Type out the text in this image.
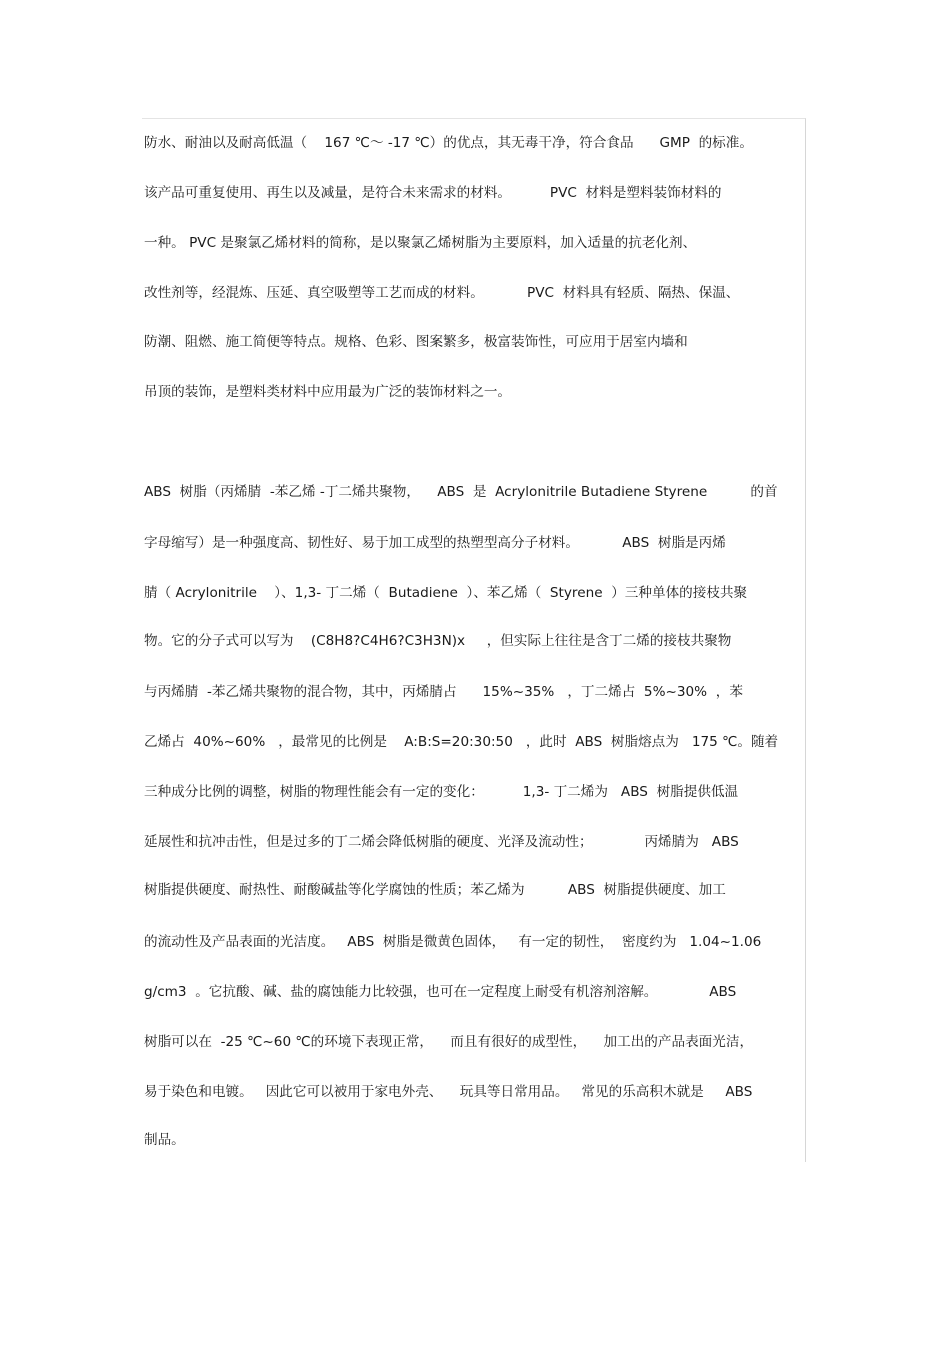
防水、耐油以及耐高低温（    167 ℃～ -17 ℃）的优点，其无毒干净，符合食品      GMP  的标准。
该产品可重复使用、再生以及减量，是符合未来需求的材料。         PVC  材料是塑料装饰材料的
一种。 PVC 是聚氯乙烯材料的简称，是以聚氯乙烯树脂为主要原料，加入适量的抗老化剂、
改性剂等，经混炼、压延、真空吸塑等工艺而成的材料。          PVC  材料具有轻质、隔热、保温、
防潮、阻燃、施工简便等特点。规格、色彩、图案繁多，极富装饰性，可应用于居室内墙和
吊顶的装饰，是塑料类材料中应用最为广泛的装饰材料之一。
ABS  树脂（丙烯腈  -苯乙烯 -丁二烯共聚物，    ABS  是  Acrylonitrile Butadiene Styrene          的首
字母缩写）是一种强度高、韧性好、易于加工成型的热塑型高分子材料。          ABS  树脂是丙烯
腈（ Acrylonitrile    ）、1,3- 丁二烯（  Butadiene  ）、苯乙烯（  Styrene  ）三种单体的接枝共聚
物。它的分子式可以写为    (C8H8?C4H6?C3H3N)x     ，但实际上往往是含丁二烯的接枝共聚物
与丙烯腈  -苯乙烯共聚物的混合物，其中，丙烯腈占      15%~35%   ，丁二烯占  5%~30%  ，苯
乙烯占  40%~60%   ，最常见的比例是    A:B:S=20:30:50   ，此时  ABS  树脂熔点为   175 ℃。随着
三种成分比例的调整，树脂的物理性能会有一定的变化：         1,3- 丁二烯为   ABS  树脂提供低温
延展性和抗冲击性，但是过多的丁二烯会降低树脂的硬度、光泽及流动性；            丙烯腈为   ABS
树脂提供硬度、耐热性、耐酸碱盐等化学腐蚀的性质；苯乙烯为          ABS  树脂提供硬度、加工
的流动性及产品表面的光洁度。   ABS  树脂是微黄色固体，   有一定的韧性，  密度约为   1.04~1.06
g/cm3  。它抗酸、碱、盐的腐蚀能力比较强，也可在一定程度上耐受有机溶剂溶解。            ABS
树脂可以在  -25 ℃~60 ℃的环境下表现正常，    而且有很好的成型性，    加工出的产品表面光洁，
易于染色和电镀。   因此它可以被用于家电外壳、    玩具等日常用品。   常见的乐高积木就是     ABS
制品。
